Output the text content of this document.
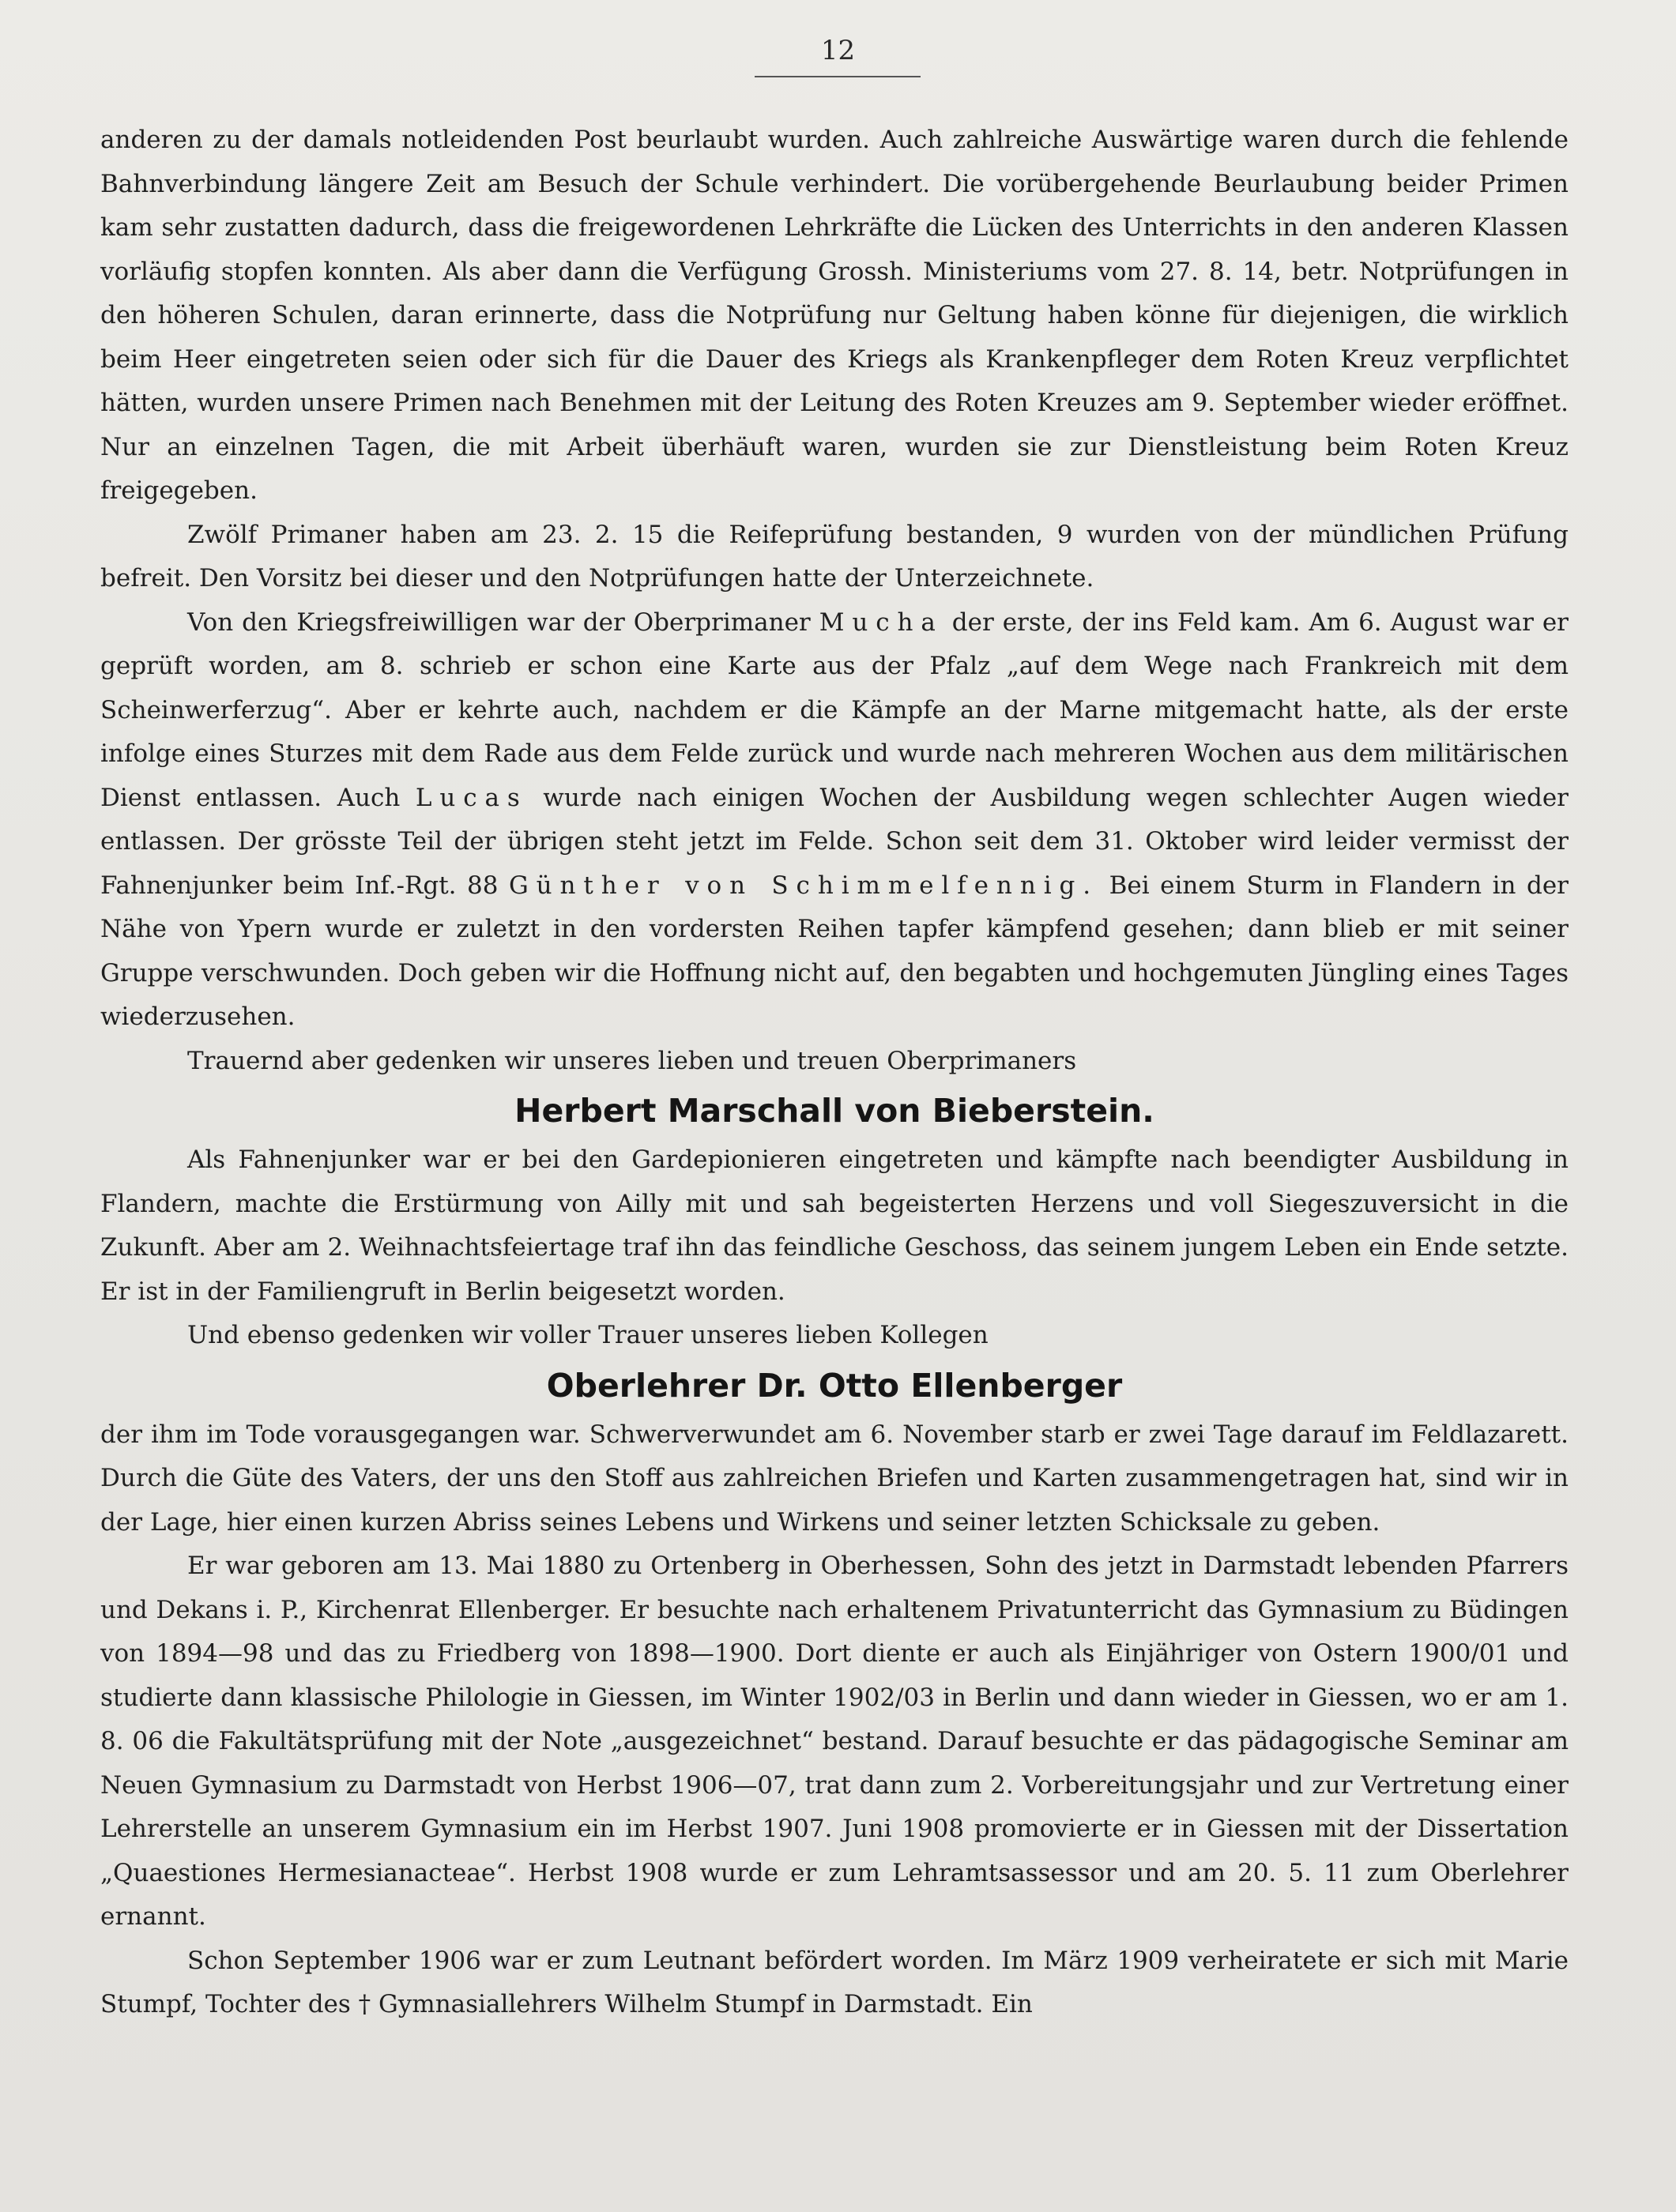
12

anderen zu der damals notleidenden Post beurlaubt wurden. Auch zahlreiche Auswärtige waren durch die fehlende Bahnverbindung längere Zeit am Besuch der Schule verhindert. Die vorübergehende Beurlaubung beider Primen kam sehr zustatten dadurch, dass die freigewordenen Lehrkräfte die Lücken des Unterrichts in den anderen Klassen vorläufig stopfen konnten. Als aber dann die Verfügung Grossh. Ministeriums vom 27. 8. 14, betr. Notprüfungen in den höheren Schulen, daran erinnerte, dass die Notprüfung nur Geltung haben könne für diejenigen, die wirklich beim Heer eingetreten seien oder sich für die Dauer des Kriegs als Krankenpfleger dem Roten Kreuz verpflichtet hätten, wurden unsere Primen nach Benehmen mit der Leitung des Roten Kreuzes am 9. September wieder eröffnet. Nur an einzelnen Tagen, die mit Arbeit überhäuft waren, wurden sie zur Dienstleistung beim Roten Kreuz freigegeben.

Zwölf Primaner haben am 23. 2. 15 die Reifeprüfung bestanden, 9 wurden von der mündlichen Prüfung befreit. Den Vorsitz bei dieser und den Notprüfungen hatte der Unterzeichnete.

Von den Kriegsfreiwilligen war der Oberprimaner Mucha der erste, der ins Feld kam. Am 6. August war er geprüft worden, am 8. schrieb er schon eine Karte aus der Pfalz „auf dem Wege nach Frankreich mit dem Scheinwerferzug“. Aber er kehrte auch, nachdem er die Kämpfe an der Marne mitgemacht hatte, als der erste infolge eines Sturzes mit dem Rade aus dem Felde zurück und wurde nach mehreren Wochen aus dem militärischen Dienst entlassen. Auch Lucas wurde nach einigen Wochen der Ausbildung wegen schlechter Augen wieder entlassen. Der grösste Teil der übrigen steht jetzt im Felde. Schon seit dem 31. Oktober wird leider vermisst der Fahnenjunker beim Inf.-Rgt. 88 Günther von Schimmelfennig. Bei einem Sturm in Flandern in der Nähe von Ypern wurde er zuletzt in den vordersten Reihen tapfer kämpfend gesehen; dann blieb er mit seiner Gruppe verschwunden. Doch geben wir die Hoffnung nicht auf, den begabten und hochgemuten Jüngling eines Tages wiederzusehen.

Trauernd aber gedenken wir unseres lieben und treuen Oberprimaners

Herbert Marschall von Bieberstein.

Als Fahnenjunker war er bei den Gardepionieren eingetreten und kämpfte nach beendigter Ausbildung in Flandern, machte die Erstürmung von Ailly mit und sah begeisterten Herzens und voll Siegeszuversicht in die Zukunft. Aber am 2. Weihnachtsfeiertage traf ihn das feindliche Geschoss, das seinem jungem Leben ein Ende setzte. Er ist in der Familiengruft in Berlin beigesetzt worden.

Und ebenso gedenken wir voller Trauer unseres lieben Kollegen

Oberlehrer Dr. Otto Ellenberger

der ihm im Tode vorausgegangen war. Schwerverwundet am 6. November starb er zwei Tage darauf im Feldlazarett. Durch die Güte des Vaters, der uns den Stoff aus zahlreichen Briefen und Karten zusammengetragen hat, sind wir in der Lage, hier einen kurzen Abriss seines Lebens und Wirkens und seiner letzten Schicksale zu geben.

Er war geboren am 13. Mai 1880 zu Ortenberg in Oberhessen, Sohn des jetzt in Darmstadt lebenden Pfarrers und Dekans i. P., Kirchenrat Ellenberger. Er besuchte nach erhaltenem Privatunterricht das Gymnasium zu Büdingen von 1894—98 und das zu Friedberg von 1898—1900. Dort diente er auch als Einjähriger von Ostern 1900/01 und studierte dann klassische Philologie in Giessen, im Winter 1902/03 in Berlin und dann wieder in Giessen, wo er am 1. 8. 06 die Fakultätsprüfung mit der Note „ausgezeichnet“ bestand. Darauf besuchte er das pädagogische Seminar am Neuen Gymnasium zu Darmstadt von Herbst 1906—07, trat dann zum 2. Vorbereitungsjahr und zur Vertretung einer Lehrerstelle an unserem Gymnasium ein im Herbst 1907. Juni 1908 promovierte er in Giessen mit der Dissertation „Quaestiones Hermesianacteae“. Herbst 1908 wurde er zum Lehramtsassessor und am 20. 5. 11 zum Oberlehrer ernannt.

Schon September 1906 war er zum Leutnant befördert worden. Im März 1909 verheiratete er sich mit Marie Stumpf, Tochter des † Gymnasiallehrers Wilhelm Stumpf in Darmstadt. Ein
